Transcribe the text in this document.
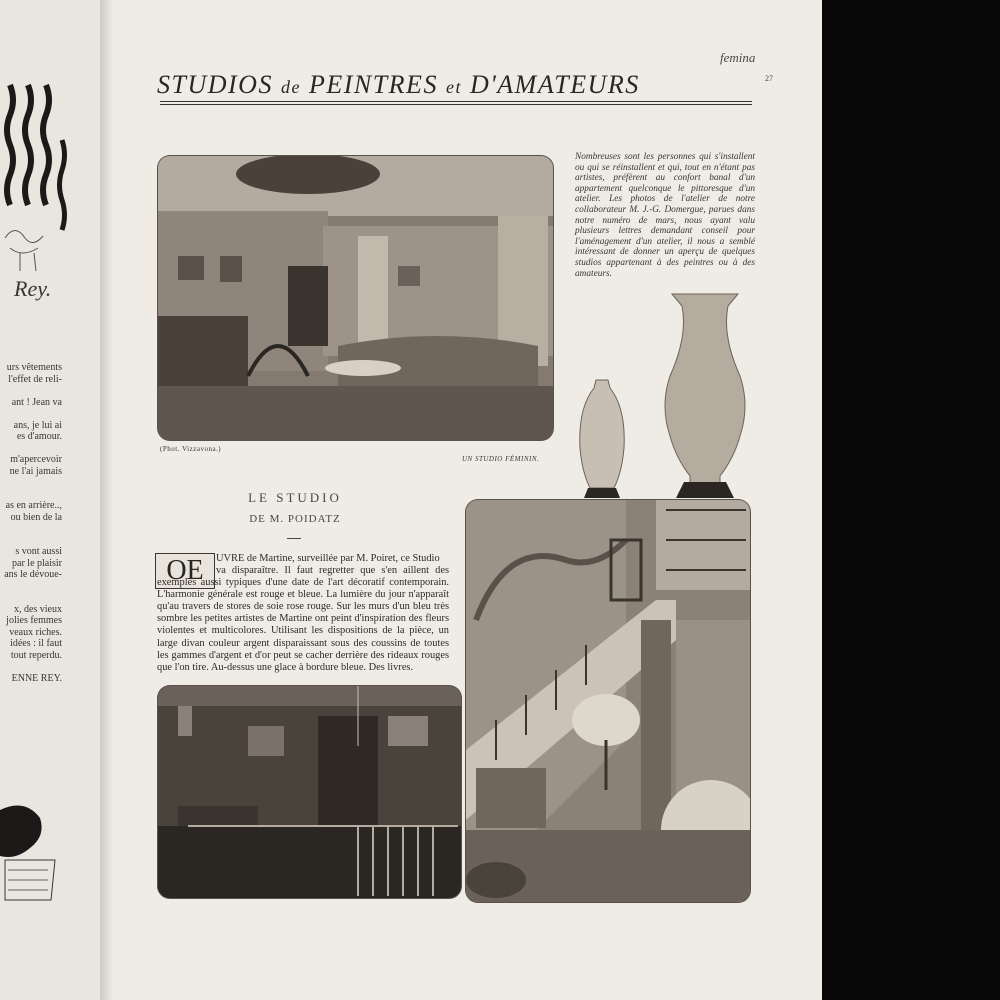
Rey.
urs vêtements
l'effet de reli-

ant ! Jean va

ans, je lui ai
es d'amour.

m'apercevoir
ne l'ai jamais

as en arrière..,
ou bien de la

s vont aussi
par le plaisir
ans le dévoue-

x, des vieux
jolies femmes
veaux riches.
idées : il faut
tout reperdu.

ENNE REY.
femina
27
STUDIOS de PEINTRES et D'AMATEURS
(Phot. Vizzavona.)
UN STUDIO FÉMININ.
Nombreuses sont les personnes qui s'installent ou qui se réinstallent et qui, tout en n'étant pas artistes, préfèrent au confort banal d'un appartement quelconque le pittoresque d'un atelier. Les photos de l'atelier de notre collaborateur M. J.-G. Domergue, parues dans notre numéro de mars, nous ayant valu plusieurs lettres demandant conseil pour l'aménagement d'un atelier, il nous a semblé intéressant de donner un aperçu de quelques studios appartenant à des peintres ou à des amateurs.
LE STUDIO
DE M. POIDATZ
OE	UVRE de Martine, surveillée par M. Poiret, ce Studio
va disparaître. Il faut regretter que s'en aillent des exemples aussi typiques d'une date de l'art décoratif contemporain. L'harmonie générale est rouge et bleue. La lumière du jour n'apparaît qu'au travers de stores de soie rose rouge. Sur les murs d'un bleu très sombre les petites artistes de Martine ont peint d'inspiration des fleurs violentes et multicolores. Utilisant les dispositions de la pièce, un large divan couleur argent disparaissant sous des coussins de toutes les gammes d'argent et d'or peut se cacher derrière des rideaux rouges que l'on tire. Au-dessus une glace à bordure bleue. Des livres.
